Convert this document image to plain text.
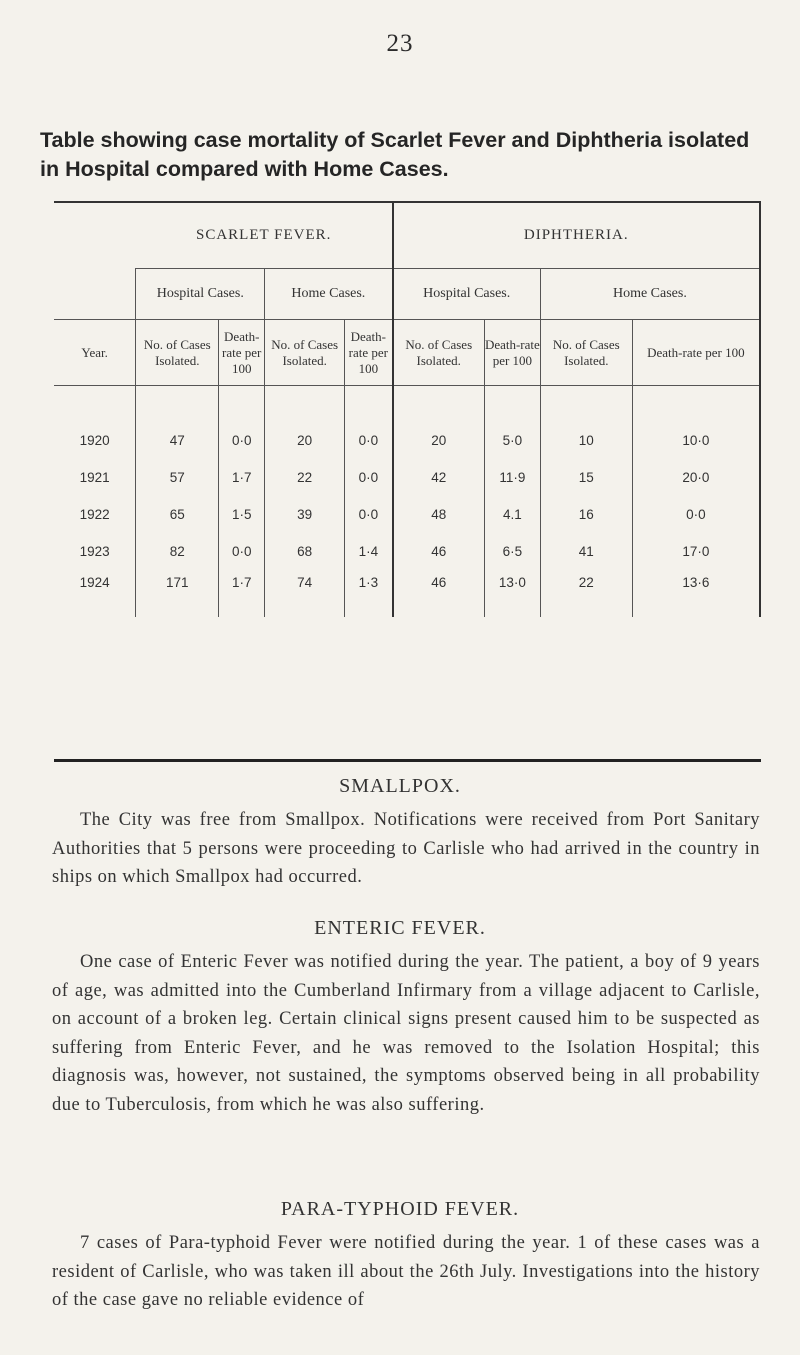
23
Table showing case mortality of Scarlet Fever and Diphtheria isolated in Hospital compared with Home Cases.
	SCARLET FEVER.				DIPHTHERIA.			
	Hospital Cases.		Home Cases.		Hospital Cases.		Home Cases.	
Year.	No. of Cases Isolated.	Death-rate per 100	No. of Cases Isolated.	Death-rate per 100	No. of Cases Isolated.	Death-rate per 100	No. of Cases Isolated.	Death-rate per 100

1920	47	0·0	20	0·0	20	5·0	10	10·0
1921	57	1·7	22	0·0	42	11·9	15	20·0
1922	65	1·5	39	0·0	48	4.1	16	0·0
1923	82	0·0	68	1·4	46	6·5	41	17·0
1924	171	1·7	74	1·3	46	13·0	22	13·6
SMALLPOX.
The City was free from Smallpox. Notifications were received from Port Sanitary Authorities that 5 persons were proceeding to Carlisle who had arrived in the country in ships on which Smallpox had occurred.
ENTERIC FEVER.
One case of Enteric Fever was notified during the year. The patient, a boy of 9 years of age, was admitted into the Cumberland Infirmary from a village adjacent to Carlisle, on account of a broken leg. Certain clinical signs present caused him to be suspected as suffering from Enteric Fever, and he was removed to the Isolation Hospital; this diagnosis was, however, not sustained, the symptoms observed being in all probability due to Tuberculosis, from which he was also suffering.
PARA-TYPHOID FEVER.
7 cases of Para-typhoid Fever were notified during the year. 1 of these cases was a resident of Carlisle, who was taken ill about the 26th July. Investigations into the history of the case gave no reliable evidence of
